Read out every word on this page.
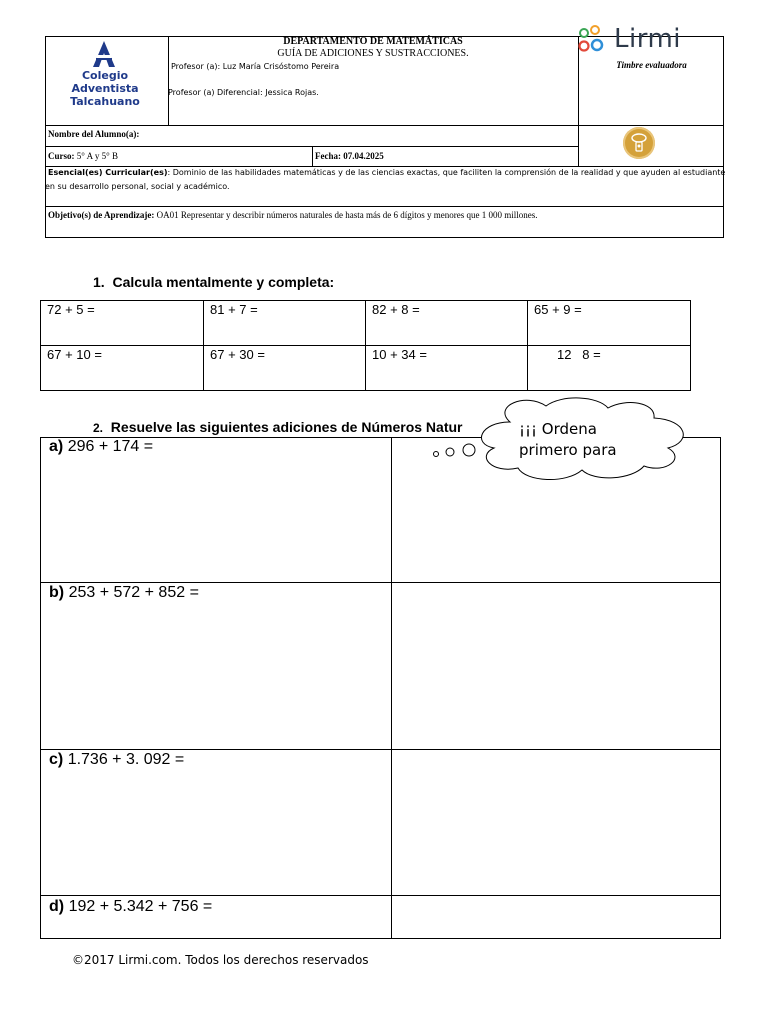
Colegio
Adventista
Talcahuano
DEPARTAMENTO DE MATEMÁTICAS
GUÍA DE ADICIONES Y SUSTRACCIONES.
Profesor (a): Luz María Crisóstomo Pereira
Profesor (a) Diferencial: Jessica Rojas.
Lirmi
Timbre evaluadora
Nombre del Alumno(a):
Curso: 5° A y 5° B	Fecha: 07.04.2025
Esencial(es) Curricular(es): Dominio de las habilidades matemáticas y de las ciencias exactas, que faciliten la comprensión de la realidad y que ayuden al estudiante
en su desarrollo personal, social y académico.
Objetivo(s) de Aprendizaje: OA01 Representar y describir números naturales de hasta más de 6 dígitos y menores que 1 000 millones.
1. Calcula mentalmente y completa:
72 + 5 =	81 + 7 =	82 + 8 =	65 + 9 =
67 + 10 =	67 + 30 =	10 + 34 =	12   8 =
2. Resuelve las siguientes adiciones de Números Natur
a) 296 + 174 =
b) 253 + 572 + 852 =
c) 1.736 + 3. 092 =
d) 192 + 5.342 + 756 =
¡¡¡ Ordena
primero para
©2017 Lirmi.com. Todos los derechos reservados
